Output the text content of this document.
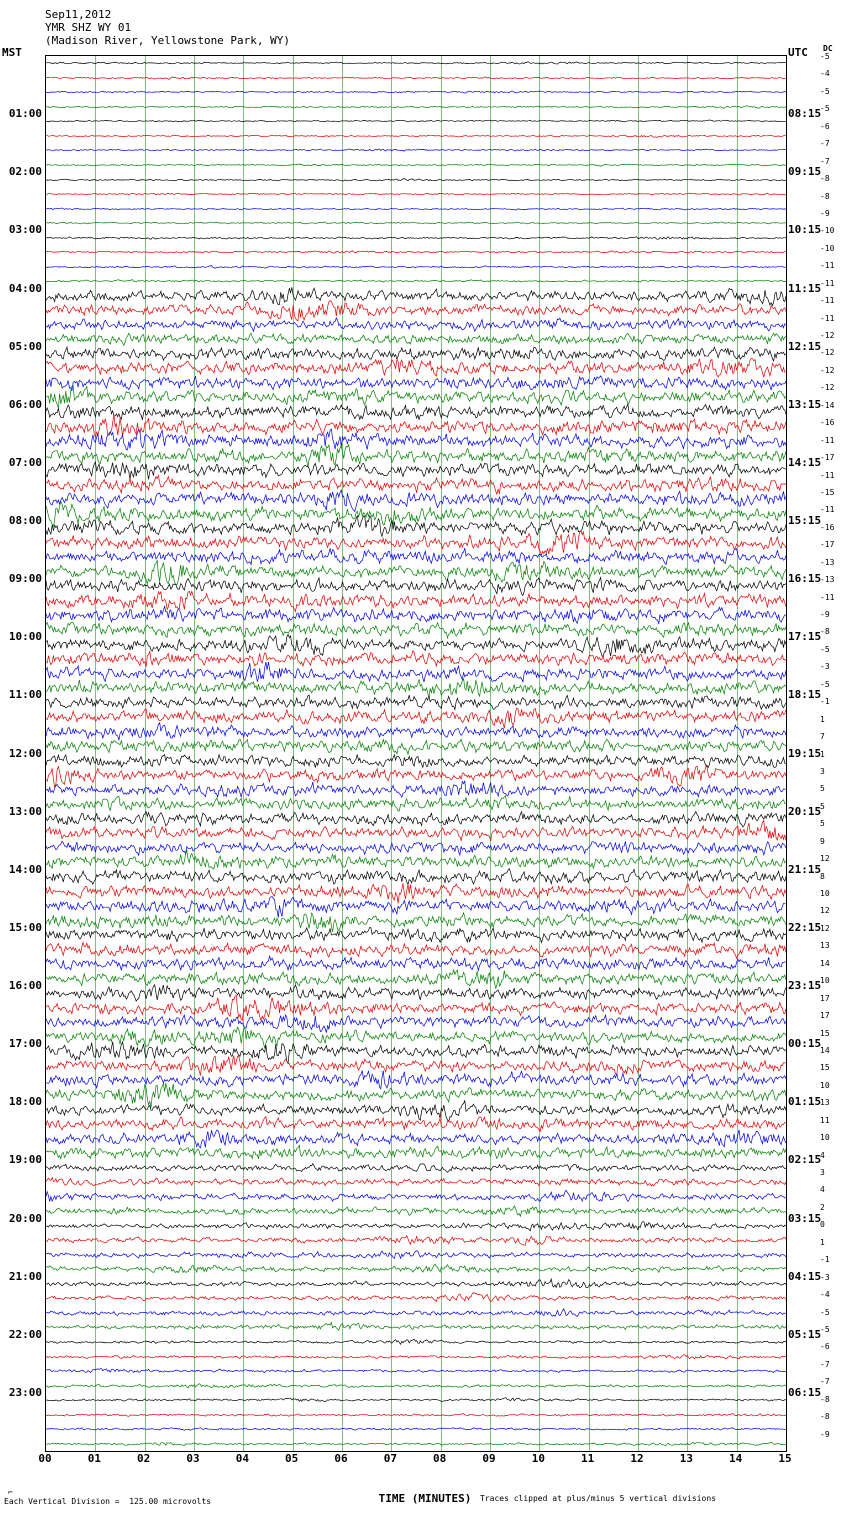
Sep11,2012
YMR SHZ WY 01
(Madison River, Yellowstone Park, WY)
MST	UTC DC
01:00
02:00
03:00
04:00
05:00
06:00
07:00
08:00
09:00
10:00
11:00
12:00
13:00
14:00
15:00
16:00
17:00
18:00
19:00
20:00
21:00
22:00
23:00
08:15
09:15
10:15
11:15
12:15
13:15
14:15
15:15
16:15
17:15
18:15
19:15
20:15
21:15
22:15
23:15
00:15
01:15
02:15
03:15
04:15
05:15
06:15
-5
-4
-5
-5
-6
-7
-7
-8
-8
-9
-10
-10
-11
-11
-11
-11
-12
-12
-12
-12
-14
-16
-11
-17
-11
-15
-11
-16
-17
-13
-13
-11
-9
-8
-5
-3
-5
-1
1
7
1
3
5
5
5
9
12
8
10
12
12
13
14
10
17
17
15
14
15
10
13
11
10
4
3
4
2
0
1
-1
-3
-4
-5
-5
-6
-7
-7
-8
-8
-9
00	01	02	03	04	05	06	07	08	09	10	11	12	13	14	15
TIME (MINUTES)
⌐
Each Vertical Division =  125.00 microvolts	Traces clipped at plus/minus 5 vertical divisions
